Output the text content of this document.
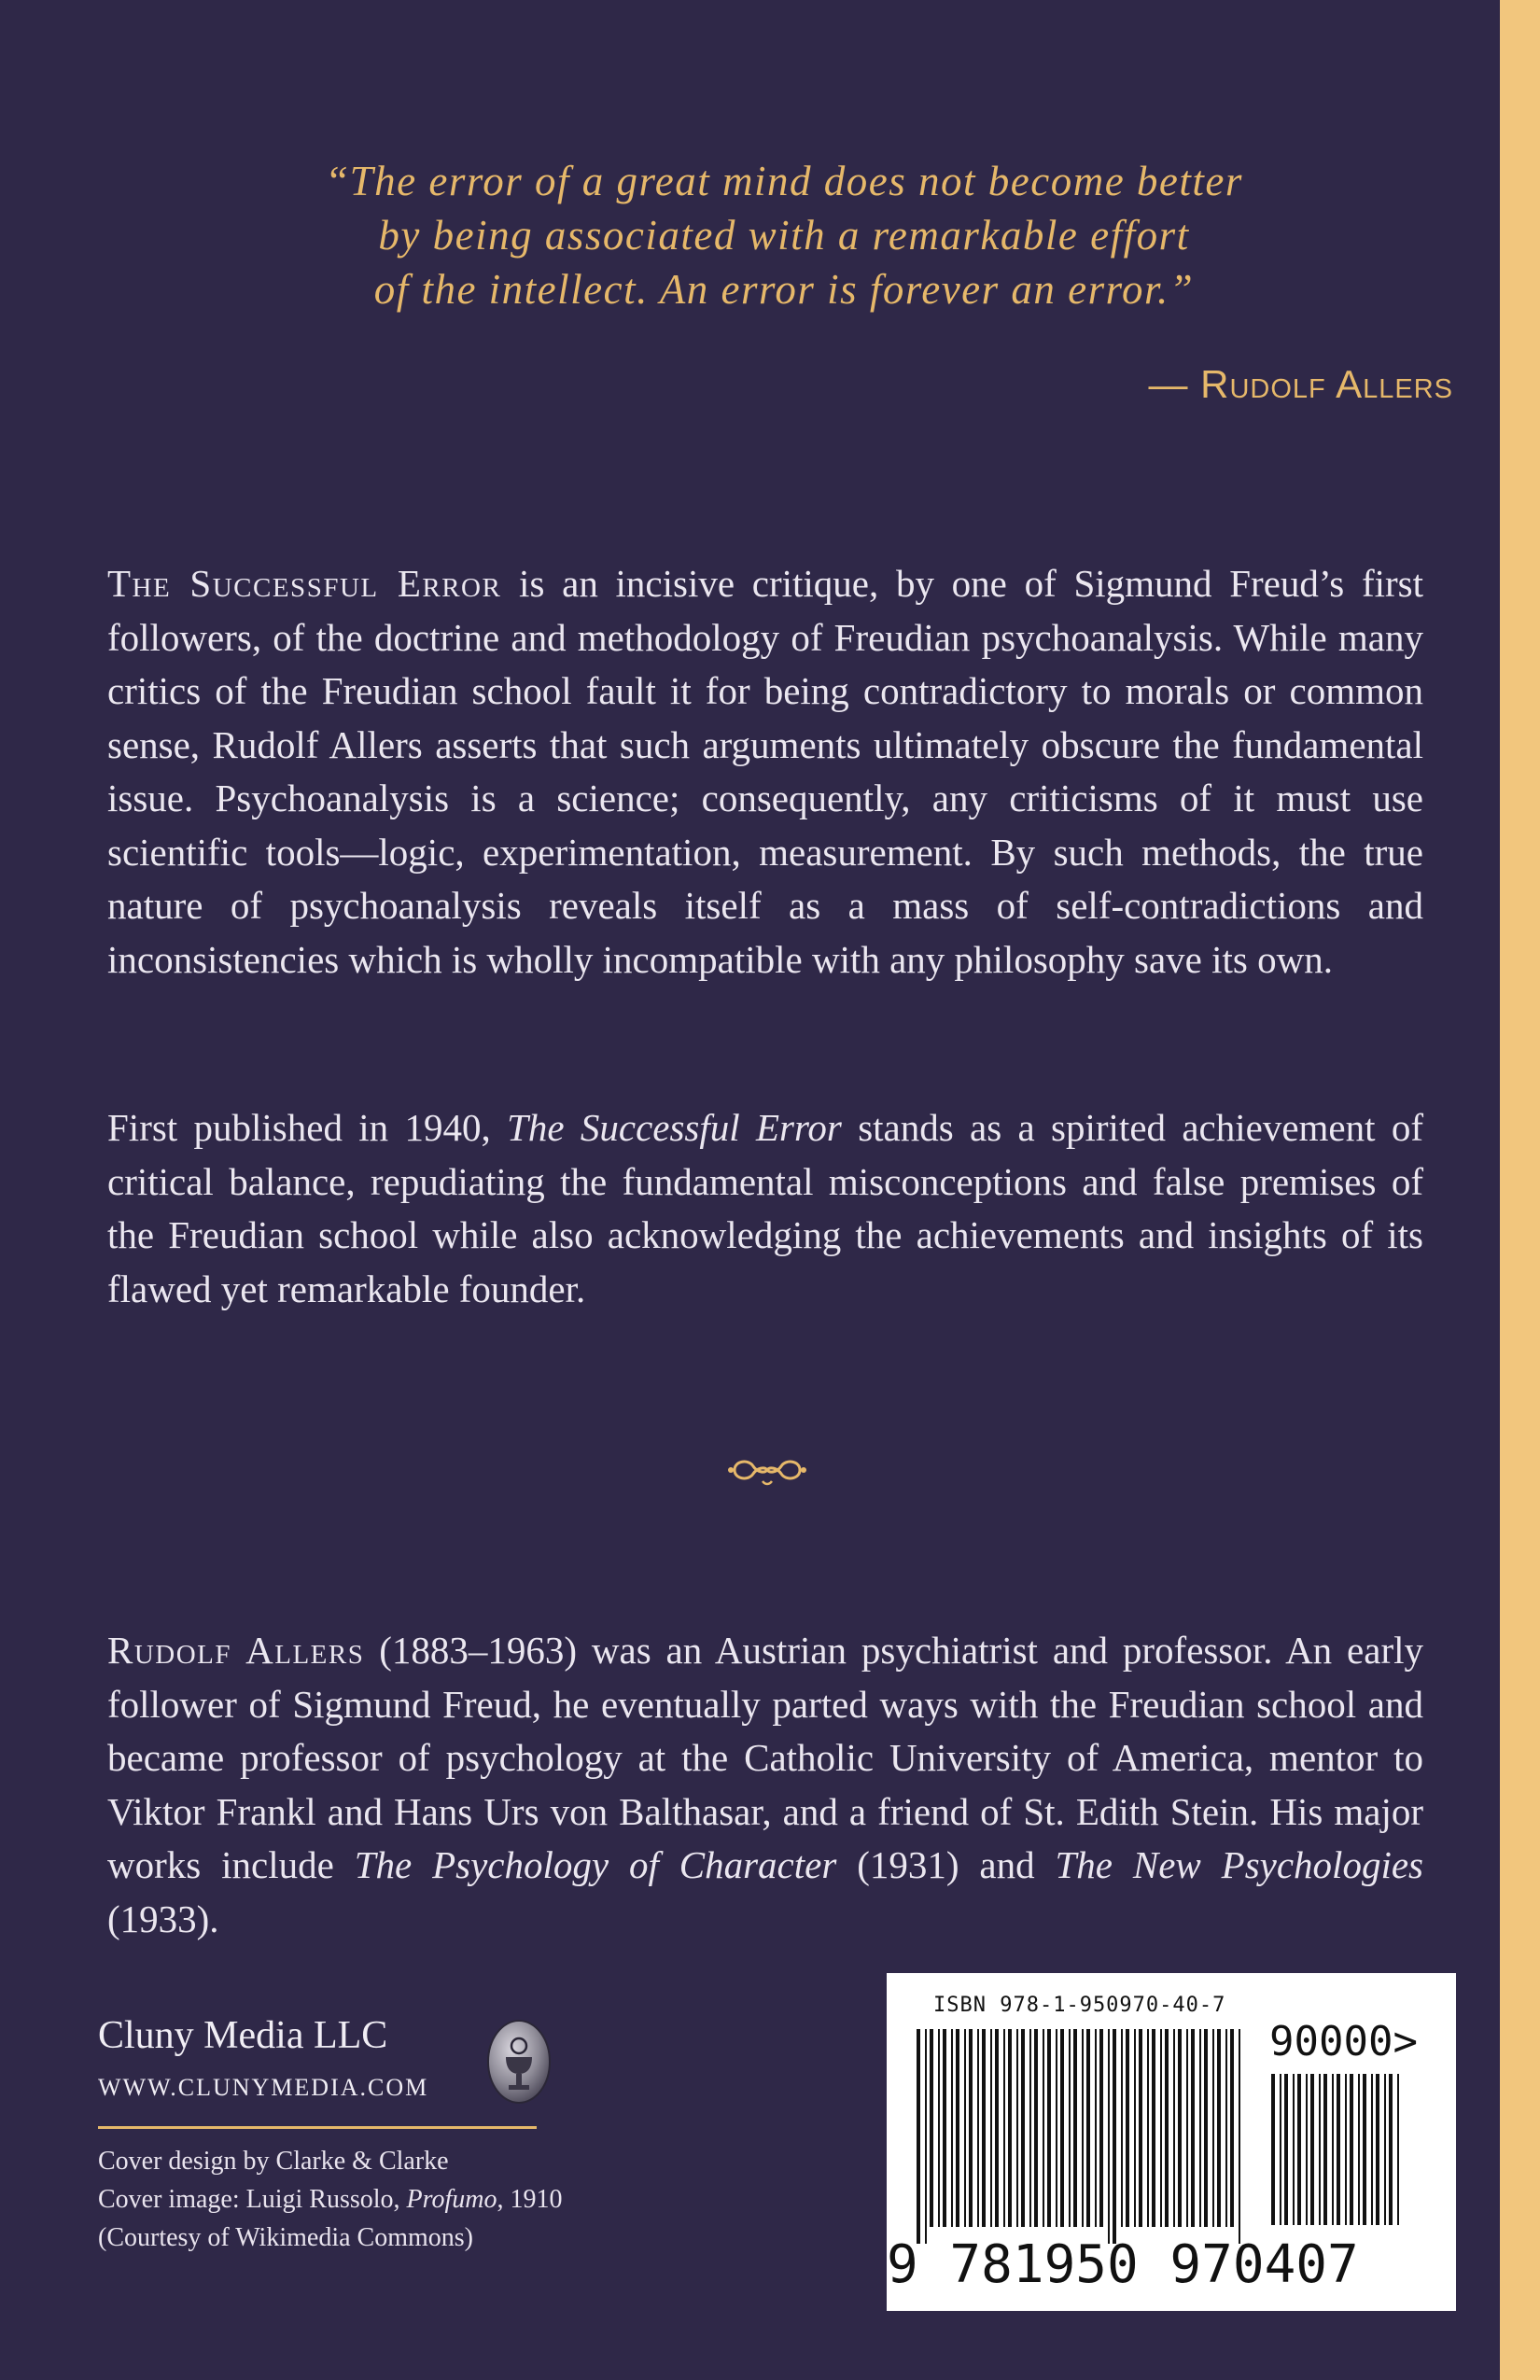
“The error of a great mind does not become better
by being associated with a remarkable effort
of the intellect. An error is forever an error.”
— Rudolf Allers
The Successful Error is an incisive critique, by one of Sigmund Freud’s first followers, of the doctrine and methodology of Freudian psychoanalysis. While many critics of the Freudian school fault it for being contradictory to morals or common sense, Rudolf Allers asserts that such arguments ultimately obscure the fundamental issue. Psychoanalysis is a science; consequently, any criticisms of it must use scientific tools—logic, experimentation, measurement. By such methods, the true nature of psychoanalysis reveals itself as a mass of self-contradictions and inconsistencies which is wholly incompatible with any philosophy save its own.
First published in 1940, The Successful Error stands as a spirited achievement of critical balance, repudiating the fundamental misconceptions and false premises of the Freudian school while also acknowledging the achievements and insights of its flawed yet remarkable founder.
Rudolf Allers (1883–1963) was an Austrian psychiatrist and professor. An early follower of Sigmund Freud, he eventually parted ways with the Freudian school and became professor of psychology at the Catholic University of America, mentor to Viktor Frankl and Hans Urs von Balthasar, and a friend of St. Edith Stein. His major works include The Psychology of Character (1931) and The New Psychologies (1933).
Cluny Media LLC
WWW.CLUNYMEDIA.COM
Cover design by Clarke & Clarke
Cover image: Luigi Russolo, Profumo, 1910
(Courtesy of Wikimedia Commons)
ISBN 978-1-950970-40-7
90000>
9 781950 970407
